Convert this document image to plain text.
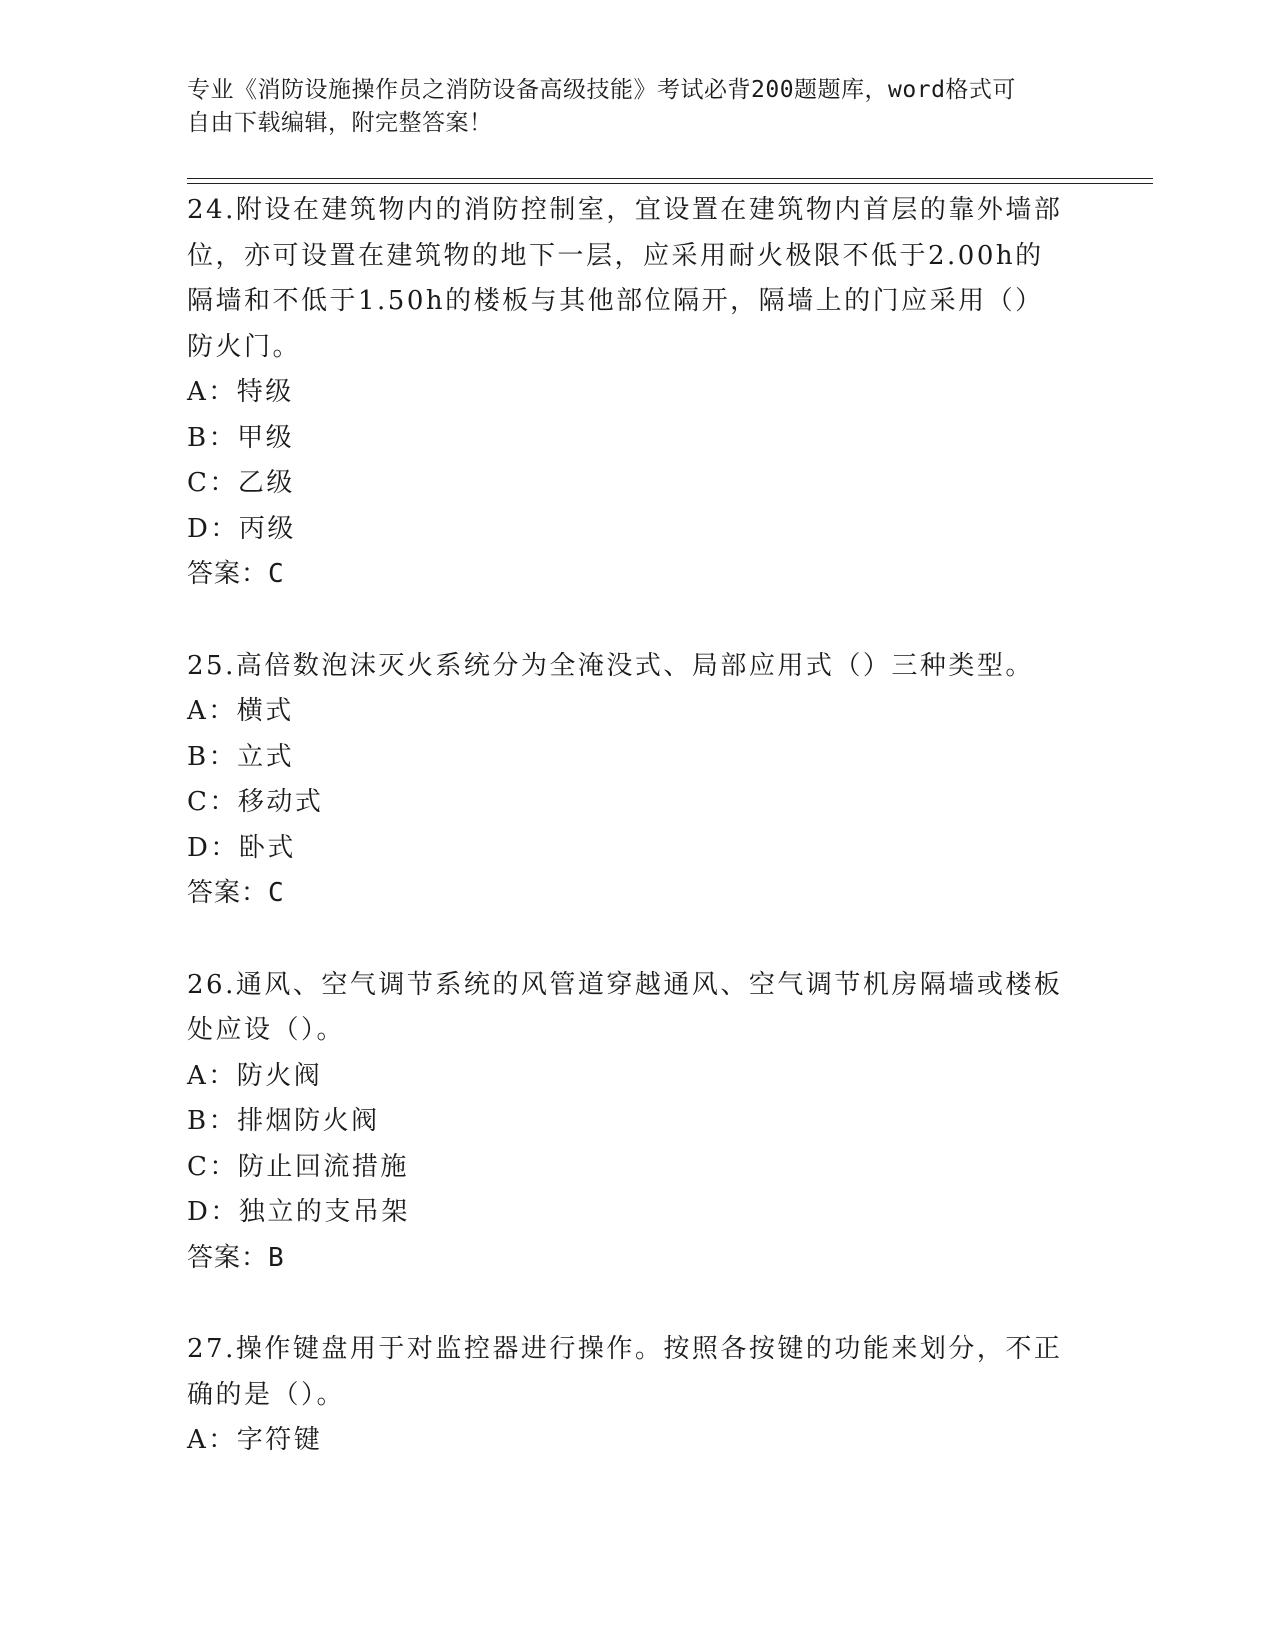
专业《消防设施操作员之消防设备高级技能》考试必背200题题库，word格式可
自由下载编辑，附完整答案！
24.附设在建筑物内的消防控制室，宜设置在建筑物内首层的靠外墙部
位，亦可设置在建筑物的地下一层，应采用耐火极限不低于2.00h的
隔墙和不低于1.50h的楼板与其他部位隔开，隔墙上的门应采用（）
防火门。
A：特级
B：甲级
C：乙级
D：丙级
答案：C
25.高倍数泡沫灭火系统分为全淹没式、局部应用式（）三种类型。
A：横式
B：立式
C：移动式
D：卧式
答案：C
26.通风、空气调节系统的风管道穿越通风、空气调节机房隔墙或楼板
处应设（）。
A：防火阀
B：排烟防火阀
C：防止回流措施
D：独立的支吊架
答案：B
27.操作键盘用于对监控器进行操作。按照各按键的功能来划分，不正
确的是（）。
A：字符键
